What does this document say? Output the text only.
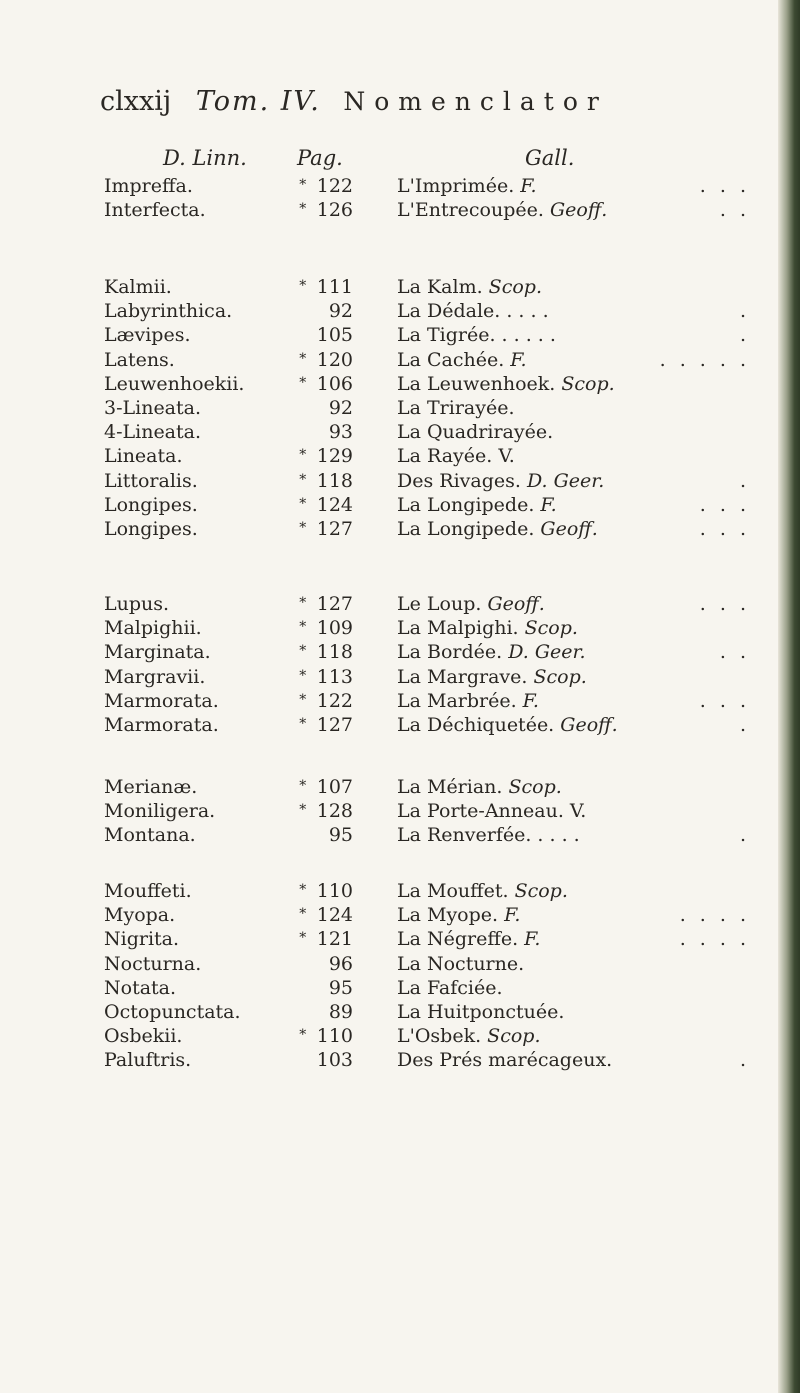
clxxij Tom. IV. Nomenclator
D. Linn. Pag.	Gall.
Impreffa.	* 122 L'Imprimée. F.	. . .
Interfecta.	* 126 L'Entrecoupée. Geoff.	. .
Kalmii.	* 111 La Kalm. Scop.
Labyrinthica.	92 La Dédale. . . . .	.
Lævipes.	105 La Tigrée. . . . . .	.
Latens.	* 120 La Cachée. F.	. . . . .
Leuwenhoekii.	* 106 La Leuwenhoek. Scop.
3-Lineata.	92 La Trirayée.
4-Lineata.	93 La Quadrirayée.
Lineata.	* 129 La Rayée. V.
Littoralis.	* 118 Des Rivages. D. Geer.	.
Longipes.	* 124 La Longipede. F.	. . .
Longipes.	* 127 La Longipede. Geoff.	. . .
Lupus.	* 127 Le Loup. Geoff.	. . .
Malpighii.	* 109 La Malpighi. Scop.
Marginata.	* 118 La Bordée. D. Geer.	. .
Margravii.	* 113 La Margrave. Scop.
Marmorata.	* 122 La Marbrée. F.	. . .
Marmorata.	* 127 La Déchiquetée. Geoff.	.
Merianæ.	* 107 La Mérian. Scop.
Moniligera.	* 128 La Porte-Anneau. V.
Montana.	95 La Renverfée. . . . .	.
Mouffeti.	* 110 La Mouffet. Scop.
Myopa.	* 124 La Myope. F.	. . . .
Nigrita.	* 121 La Négreffe. F.	. . . .
Nocturna.	96 La Nocturne.
Notata.	95 La Fafciée.
Octopunctata.	89 La Huitponctuée.
Osbekii.	* 110 L'Osbek. Scop.
Paluftris.	103 Des Prés marécageux.	.
